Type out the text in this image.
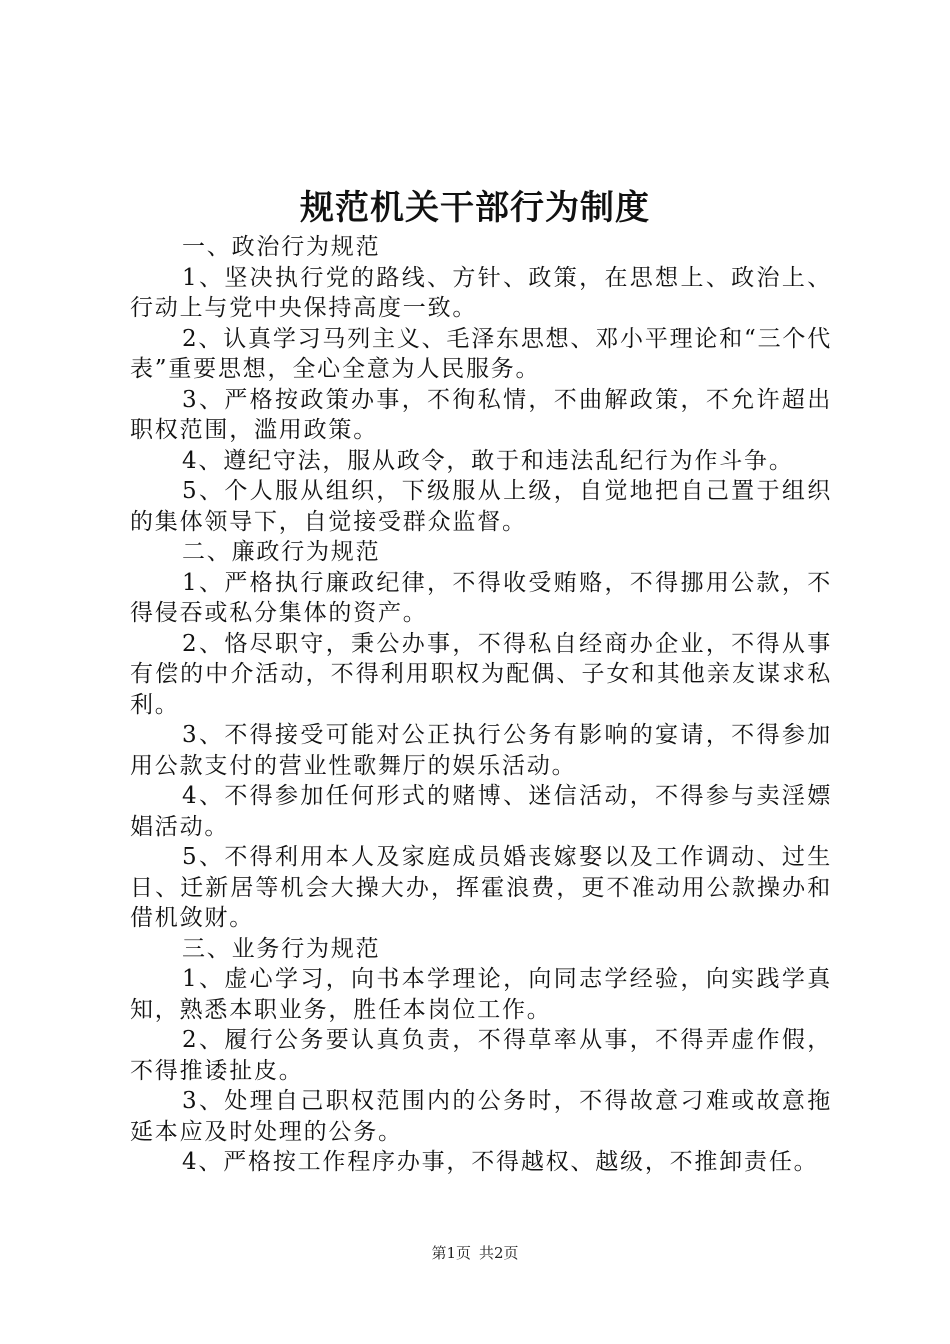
规范机关干部行为制度

一、政治行为规范

1、坚决执行党的路线、方针、政策，在思想上、政治上、行动上与党中央保持高度一致。

2、认真学习马列主义、毛泽东思想、邓小平理论和“三个代表”重要思想，全心全意为人民服务。

3、严格按政策办事，不徇私情，不曲解政策，不允许超出职权范围，滥用政策。

4、遵纪守法，服从政令，敢于和违法乱纪行为作斗争。

5、个人服从组织，下级服从上级，自觉地把自己置于组织的集体领导下，自觉接受群众监督。

二、廉政行为规范

1、严格执行廉政纪律，不得收受贿赂，不得挪用公款，不得侵吞或私分集体的资产。

2、恪尽职守，秉公办事，不得私自经商办企业，不得从事有偿的中介活动，不得利用职权为配偶、子女和其他亲友谋求私利。

3、不得接受可能对公正执行公务有影响的宴请，不得参加用公款支付的营业性歌舞厅的娱乐活动。

4、不得参加任何形式的赌博、迷信活动，不得参与卖淫嫖娼活动。

5、不得利用本人及家庭成员婚丧嫁娶以及工作调动、过生日、迁新居等机会大操大办，挥霍浪费，更不准动用公款操办和借机敛财。

三、业务行为规范

1、虚心学习，向书本学理论，向同志学经验，向实践学真知，熟悉本职业务，胜任本岗位工作。

2、履行公务要认真负责，不得草率从事，不得弄虚作假，不得推诿扯皮。

3、处理自己职权范围内的公务时，不得故意刁难或故意拖延本应及时处理的公务。

4、严格按工作程序办事，不得越权、越级，不推卸责任。

第1页 共2页
